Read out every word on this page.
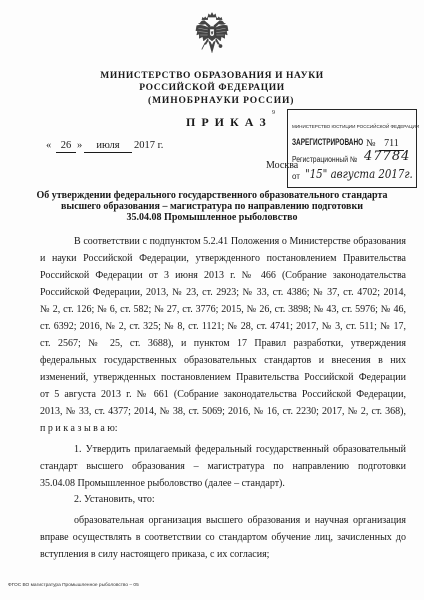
МИНИСТЕРСТВО ОБРАЗОВАНИЯ И НАУКИ
РОССИЙСКОЙ ФЕДЕРАЦИИ
(МИНОБРНАУКИ РОССИИ)
П Р И К А З
9
« 26 »	июля	2017 г.
Москва
МИНИСТЕРСТВО ЮСТИЦИИ РОССИЙСКОЙ ФЕДЕРАЦИИ
ЗАРЕГИСТРИРОВАНО
Регистрационный № 47784
от "15" августа 2017г.
№ 711
Об утверждении федерального государственного образовательного стандарта
высшего образования – магистратура по направлению подготовки
35.04.08 Промышленное рыболовство
В соответствии с подпунктом 5.2.41 Положения о Министерстве образования
и науки Российской Федерации, утвержденного постановлением Правительства
Российской Федерации от 3 июня 2013 г. № 466 (Собрание законодательства
Российской Федерации, 2013, № 23, ст. 2923; № 33, ст. 4386; № 37, ст. 4702; 2014,
№ 2, ст. 126; № 6, ст. 582; № 27, ст. 3776; 2015, № 26, ст. 3898; № 43, ст. 5976; № 46,
ст. 6392; 2016, № 2, ст. 325; № 8, ст. 1121; № 28, ст. 4741; 2017, № 3, ст. 511; № 17,
ст. 2567; № 25, ст. 3688), и пунктом 17 Правил разработки, утверждения
федеральных государственных образовательных стандартов и внесения в них
изменений, утвержденных постановлением Правительства Российской Федерации
от 5 августа 2013 г. № 661 (Собрание законодательства Российской Федерации,
2013, № 33, ст. 4377; 2014, № 38, ст. 5069; 2016, № 16, ст. 2230; 2017, № 2, ст. 368),
п р и к а з ы в а ю:
1. Утвердить прилагаемый федеральный государственный образовательный
стандарт высшего образования – магистратура по направлению подготовки
35.04.08 Промышленное рыболовство (далее – стандарт).
2. Установить, что:
образовательная организация высшего образования и научная организация
вправе осуществлять в соответствии со стандартом обучение лиц, зачисленных до
вступления в силу настоящего приказа, с их согласия;
ФГОС ВО магистратура Промышленное рыболовство – 05
